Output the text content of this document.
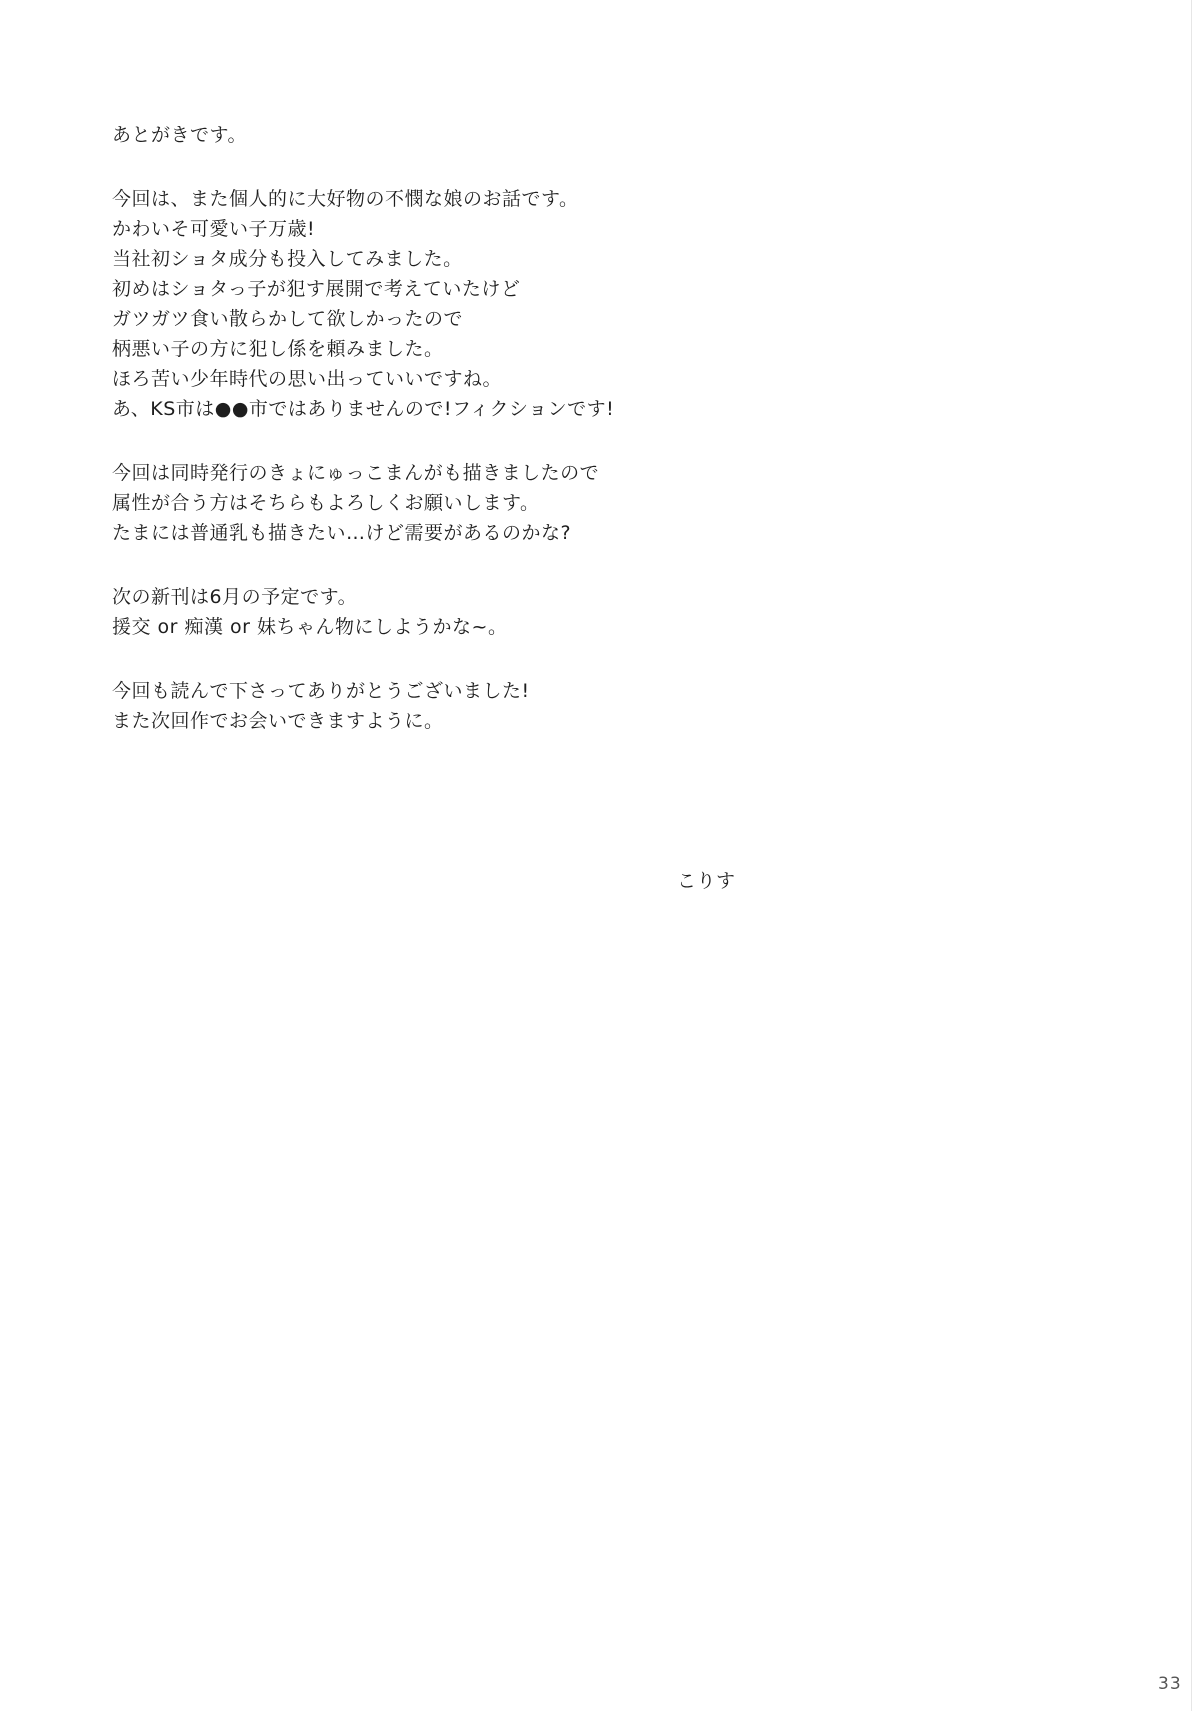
あとがきです。
今回は、また個人的に大好物の不憫な娘のお話です。
かわいそ可愛い子万歳!
当社初ショタ成分も投入してみました。
初めはショタっ子が犯す展開で考えていたけど
ガツガツ食い散らかして欲しかったので
柄悪い子の方に犯し係を頼みました。
ほろ苦い少年時代の思い出っていいですね。
あ、KS市は●●市ではありませんので!フィクションです!
今回は同時発行のきょにゅっこまんがも描きましたので
属性が合う方はそちらもよろしくお願いします。
たまには普通乳も描きたい…けど需要があるのかな?
次の新刊は6月の予定です。
援交 or 痴漢 or 妹ちゃん物にしようかな~。
今回も読んで下さってありがとうございました!
また次回作でお会いできますように。
こりす
33
